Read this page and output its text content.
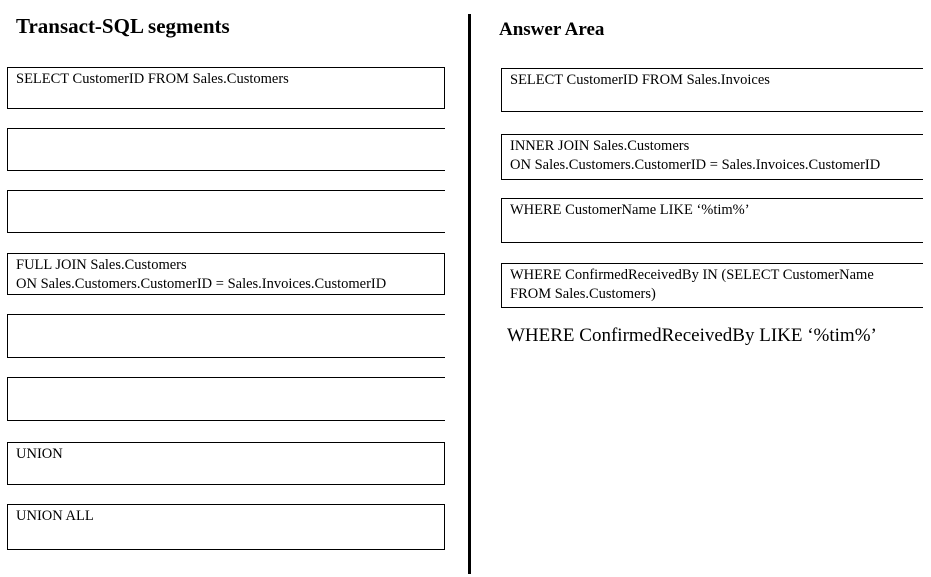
Transact-SQL segments	Answer Area
SELECT CustomerID FROM Sales.Customers
FULL JOIN Sales.Customers
ON Sales.Customers.CustomerID = Sales.Invoices.CustomerID
UNION
UNION ALL
SELECT CustomerID FROM Sales.Invoices
INNER JOIN Sales.Customers
ON Sales.Customers.CustomerID = Sales.Invoices.CustomerID
WHERE CustomerName LIKE ‘%tim%’
WHERE ConfirmedReceivedBy IN (SELECT CustomerName
FROM Sales.Customers)
WHERE ConfirmedReceivedBy LIKE ‘%tim%’
